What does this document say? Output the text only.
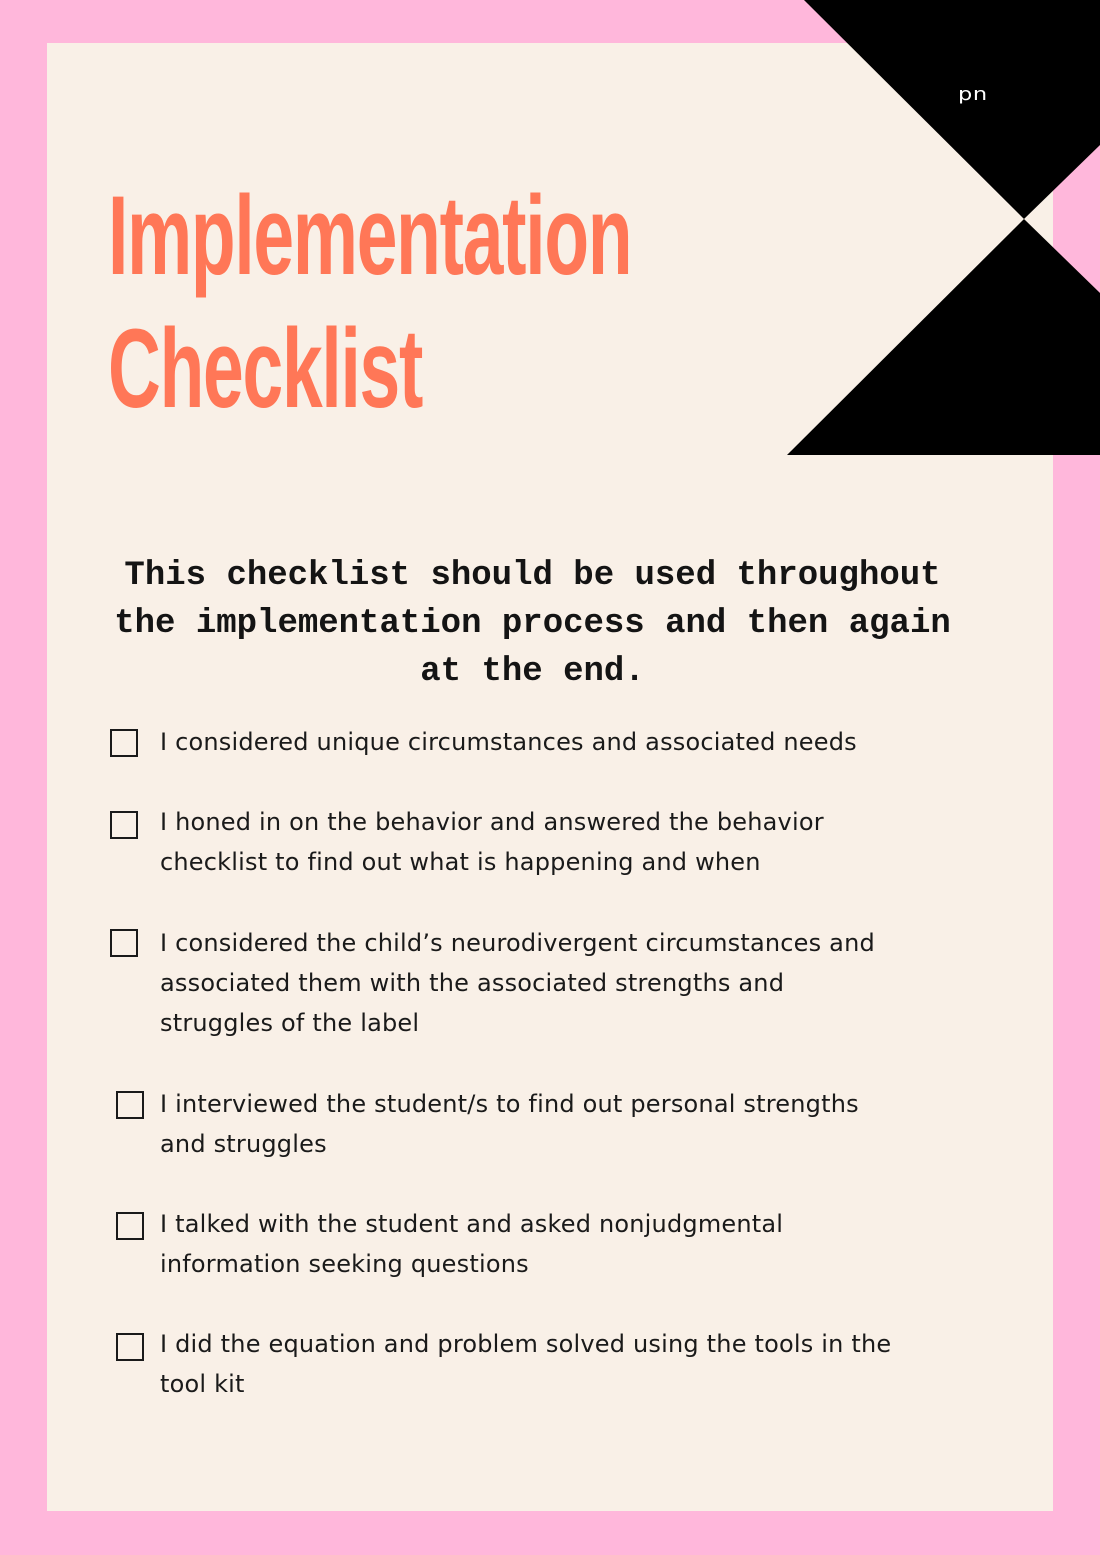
pn
Implementation
Checklist
This checklist should be used throughout
the implementation process and then again
at the end.
I considered unique circumstances and associated needs
I honed in on the behavior and answered the behavior
checklist to find out what is happening and when
I considered the child’s neurodivergent circumstances and
associated them with the associated strengths and
struggles of the label
I interviewed the student/s to find out personal strengths
and struggles
I talked with the student and asked nonjudgmental
information seeking questions
I did the equation and problem solved using the tools in the
tool kit
